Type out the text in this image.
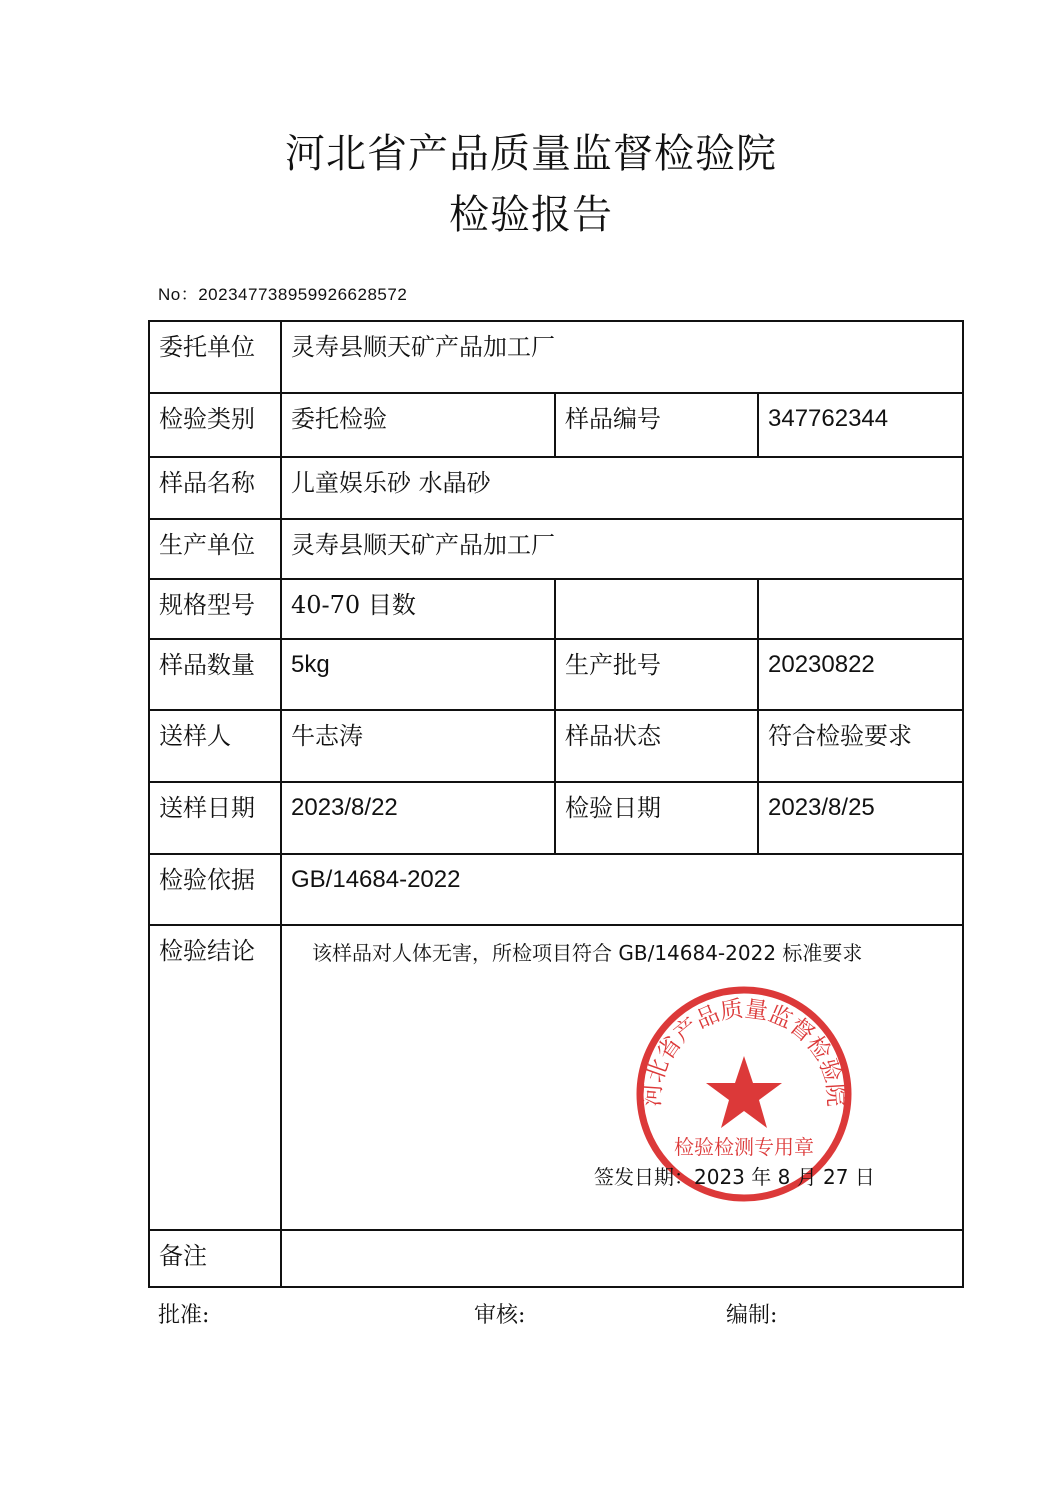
河北省产品质量监督检验院
检验报告
No：202347738959926628572
委托单位	灵寿县顺天矿产品加工厂		
检验类别	委托检验	样品编号	347762344
样品名称	儿童娱乐砂 水晶砂		
生产单位	灵寿县顺天矿产品加工厂		
规格型号	40-70 目数		
样品数量	5kg	生产批号	20230822
送样人	牛志涛	样品状态	符合检验要求
送样日期	2023/8/22	检验日期	2023/8/25
检验依据	GB/14684-2022		
检验结论	该样品对人体无害，所检项目符合 GB/14684-2022 标准要求
河北省产品质量监督检验院
检验检测专用章
签发日期：2023 年 8 月 27 日		

备注			
批准:	审核:	编制:
